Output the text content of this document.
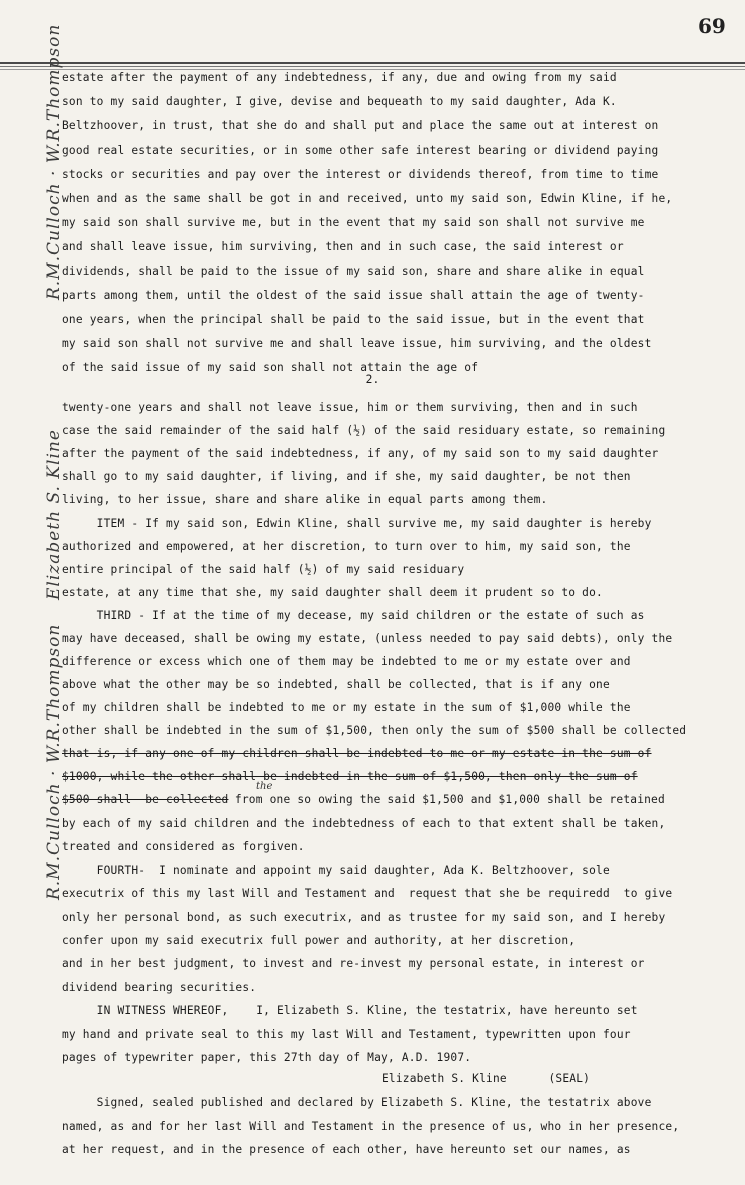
69
R.M.Culloch · W.R.Thompson
Elizabeth S. Kline
R.M.Culloch · W.R.Thompson
estate after the payment of any indebtedness, if any, due and owing from my said
son to my said daughter, I give, devise and bequeath to my said daughter, Ada K.
Beltzhoover, in trust, that she do and shall put and place the same out at interest on
good real estate securities, or in some other safe interest bearing or dividend paying
stocks or securities and pay over the interest or dividends thereof, from time to time
when and as the same shall be got in and received, unto my said son, Edwin Kline, if he,
my said son shall survive me, but in the event that my said son shall not survive me
and shall leave issue, him surviving, then and in such case, the said interest or
dividends, shall be paid to the issue of my said son, share and share alike in equal
parts among them, until the oldest of the said issue shall attain the age of twenty-
one years, when the principal shall be paid to the said issue, but in the event that
my said son shall not survive me and shall leave issue, him surviving, and the oldest
of the said issue of my said son shall not attain the age of
2.
twenty-one years and shall not leave issue, him or them surviving, then and in such
case the said remainder of the said half (½) of the said residuary estate, so remaining
after the payment of the said indebtedness, if any, of my said son to my said daughter
shall go to my said daughter, if living, and if she, my said daughter, be not then
living, to her issue, share and share alike in equal parts among them.
ITEM - If my said son, Edwin Kline, shall survive me, my said daughter is hereby
authorized and empowered, at her discretion, to turn over to him, my said son, the
entire principal of the said half (½) of my said residuary
estate, at any time that she, my said daughter shall deem it prudent so to do.
THIRD - If at the time of my decease, my said children or the estate of such as
may have deceased, shall be owing my estate, (unless needed to pay said debts), only the
difference or excess which one of them may be indebted to me or my estate over and
above what the other may be so indebted, shall be collected, that is if any one
of my children shall be indebted to me or my estate in the sum of $1,000 while the
other shall be indebted in the sum of $1,500, then only the sum of $500 shall be collected
that is, if any one of my children shall be indebted to me or my estate in the sum of
$1000, while the other shall be indebted in the sum of $1,500, then only the sum of
$500 shall  be collected from one so owing the said $1,500 and $1,000 shall be retained
the
by each of my said children and the indebtedness of each to that extent shall be taken,
treated and considered as forgiven.
FOURTH-  I nominate and appoint my said daughter, Ada K. Beltzhoover, sole
executrix of this my last Will and Testament and  request that she be requiredd  to give
only her personal bond, as such executrix, and as trustee for my said son, and I hereby
confer upon my said executrix full power and authority, at her discretion,
and in her best judgment, to invest and re-invest my personal estate, in interest or
dividend bearing securities.
IN WITNESS WHEREOF,    I, Elizabeth S. Kline, the testatrix, have hereunto set
my hand and private seal to this my last Will and Testament, typewritten upon four
pages of typewriter paper, this 27th day of May, A.D. 1907.
Elizabeth S. Kline      (SEAL)
Signed, sealed published and declared by Elizabeth S. Kline, the testatrix above
named, as and for her last Will and Testament in the presence of us, who in her presence,
at her request, and in the presence of each other, have hereunto set our names, as
